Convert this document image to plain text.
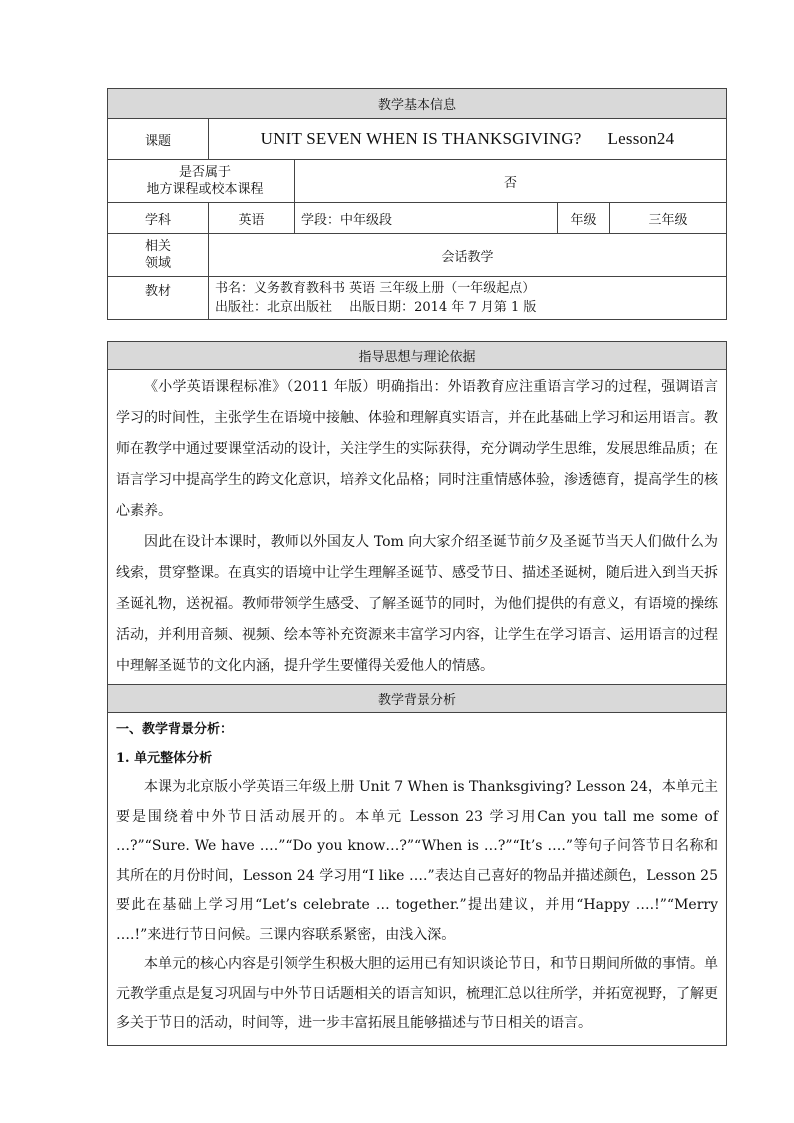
教学基本信息				
课题	UNIT SEVEN WHEN IS THANKSGIVING? Lesson24			

是否属于
地方课程或校本课程		否		
学科	英语	学段：中年级段	年级	三年级

相关
领域	会话教学			
教材	书名：义务教育教科书 英语 三年级上册（一年级起点）
出版社：北京出版社　 出版日期：2014 年 7 月第 1 版			
指导思想与理论依据

《小学英语课程标准》（2011 年版）明确指出：外语教育应注重语言学习的过程，强调语言学习的时间性，主张学生在语境中接触、体验和理解真实语言，并在此基础上学习和运用语言。教师在教学中通过要课堂活动的设计，关注学生的实际获得，充分调动学生思维，发展思维品质；在语言学习中提高学生的跨文化意识，培养文化品格；同时注重情感体验，渗透德育，提高学生的核心素养。

因此在设计本课时，教师以外国友人 Tom 向大家介绍圣诞节前夕及圣诞节当天人们做什么为线索，贯穿整课。在真实的语境中让学生理解圣诞节、感受节日、描述圣诞树，随后进入到当天拆圣诞礼物，送祝福。教师带领学生感受、了解圣诞节的同时，为他们提供的有意义，有语境的操练活动，并利用音频、视频、绘本等补充资源来丰富学习内容，让学生在学习语言、运用语言的过程中理解圣诞节的文化内涵，提升学生要懂得关爱他人的情感。

教学背景分析

一、教学背景分析：
1. 单元整体分析

本课为北京版小学英语三年级上册 Unit 7 When is Thanksgiving? Lesson 24，本单元主要是围绕着中外节日活动展开的。本单元 Lesson 23 学习用Can you tall me some of …?”“Sure. We have ….”“Do you know…?”“When is …?”“It’s ….”等句子问答节日名称和其所在的月份时间，Lesson 24 学习用“I like ….”表达自己喜好的物品并描述颜色，Lesson 25 要此在基础上学习用“Let’s celebrate … together.”提出建议，并用“Happy ….!”“Merry ….!”来进行节日问候。三课内容联系紧密，由浅入深。

本单元的核心内容是引领学生积极大胆的运用已有知识谈论节日，和节日期间所做的事情。单元教学重点是复习巩固与中外节日话题相关的语言知识，梳理汇总以往所学，并拓宽视野，了解更多关于节日的活动，时间等，进一步丰富拓展且能够描述与节日相关的语言。
